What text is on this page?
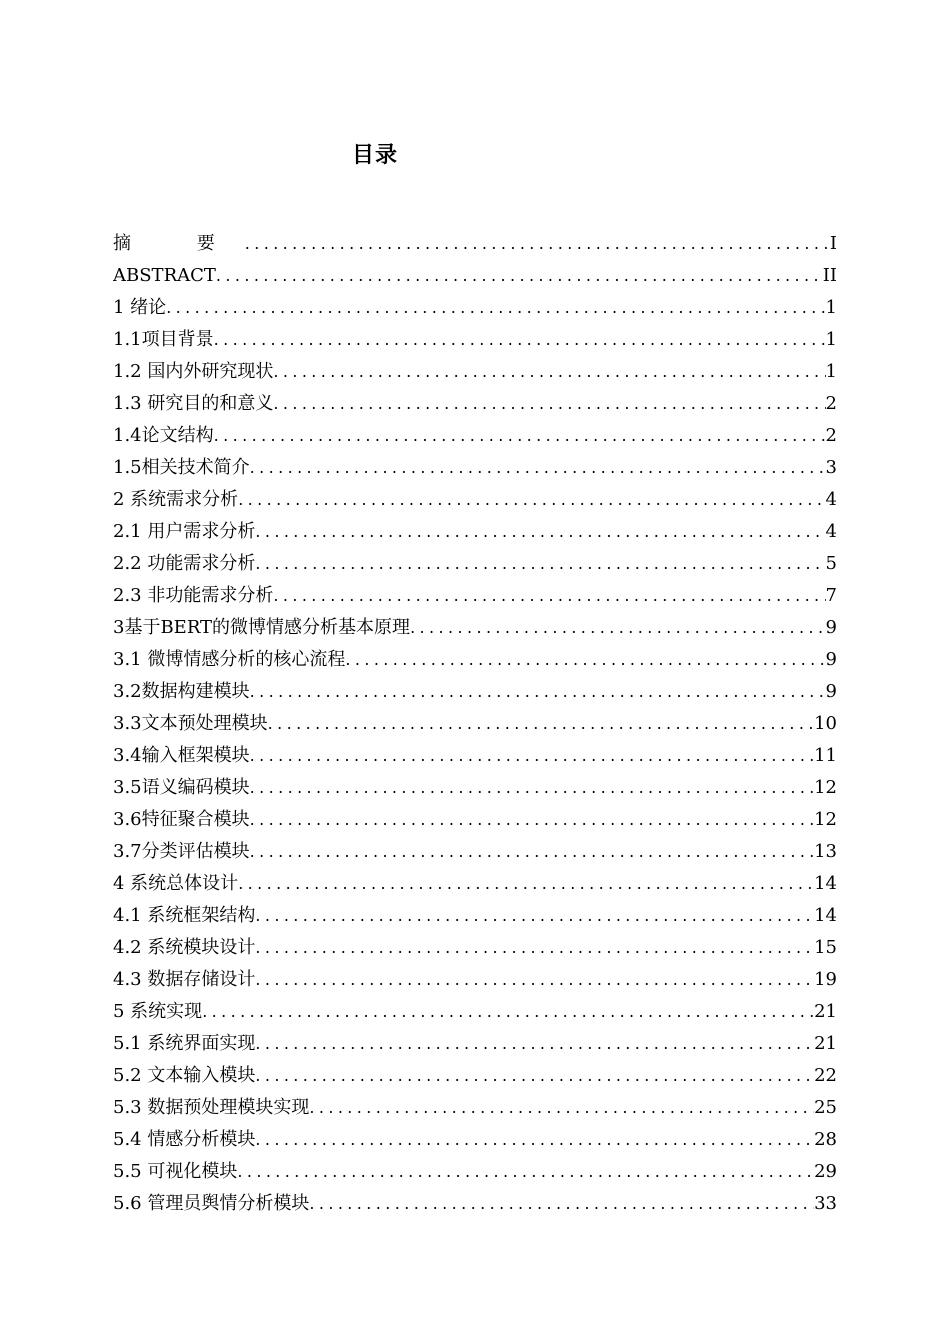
目录
摘 要 .....	I
ABSTRACT .....	II
1 绪论 .....	1
1.1项目背景 .....	1
1.2 国内外研究现状 .....	1
1.3 研究目的和意义 .....	2
1.4论文结构 .....	2
1.5相关技术简介 .....	3
2 系统需求分析 .....	4
2.1 用户需求分析 .....	4
2.2 功能需求分析 .....	5
2.3 非功能需求分析 .....	7
3基于BERT的微博情感分析基本原理 .....	9
3.1 微博情感分析的核心流程 .....	9
3.2数据构建模块 .....	9
3.3文本预处理模块 .....	10
3.4输入框架模块 .....	11
3.5语义编码模块 .....	12
3.6特征聚合模块 .....	12
3.7分类评估模块 .....	13
4 系统总体设计 .....	14
4.1 系统框架结构 .....	14
4.2 系统模块设计 .....	15
4.3 数据存储设计 .....	19
5 系统实现 .....	21
5.1 系统界面实现 .....	21
5.2 文本输入模块 .....	22
5.3 数据预处理模块实现 .....	25
5.4 情感分析模块 .....	28
5.5 可视化模块 .....	29
5.6 管理员舆情分析模块 .....	33
